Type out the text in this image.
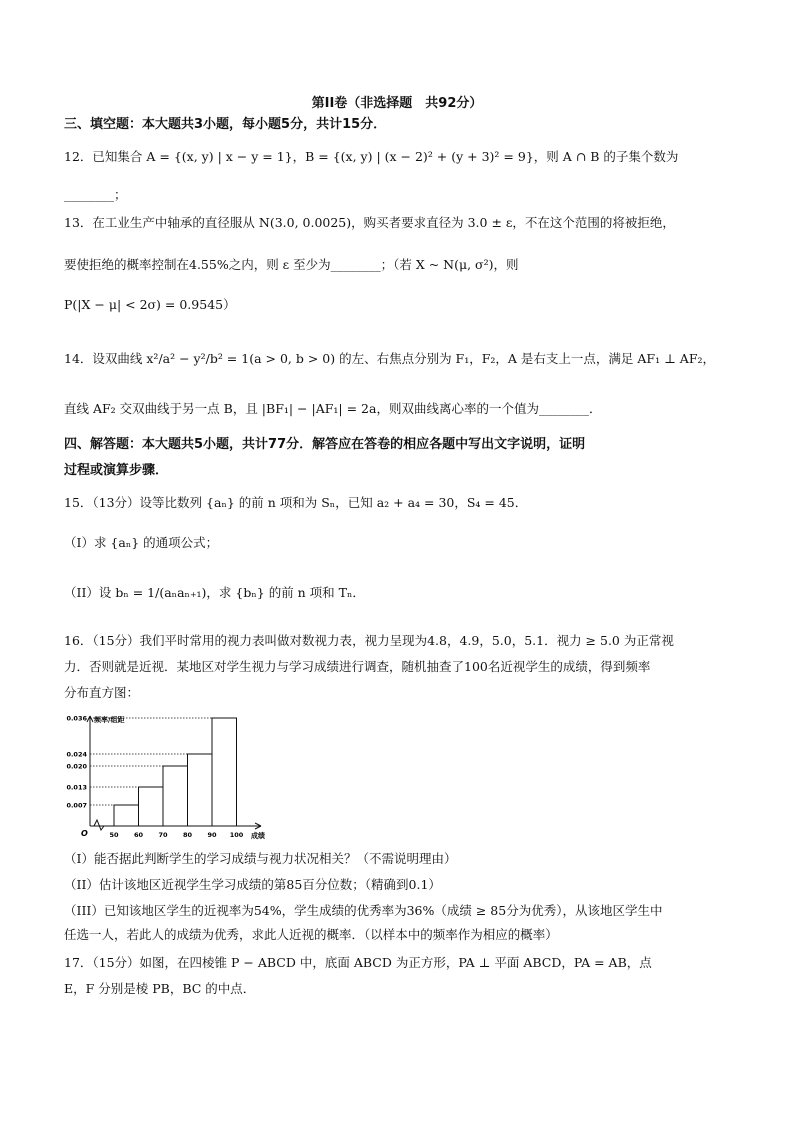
第II卷（非选择题　共92分）
三、填空题：本大题共3小题，每小题5分，共计15分．
12．已知集合 A = {(x, y) | x − y = 1}，B = {(x, y) | (x − 2)² + (y + 3)² = 9}，则 A ∩ B 的子集个数为
________；
13．在工业生产中轴承的直径服从 N(3.0, 0.0025)，购买者要求直径为 3.0 ± ε，不在这个范围的将被拒绝，
要使拒绝的概率控制在4.55%之内，则 ε 至少为________；（若 X ~ N(μ, σ²)，则
P(|X − μ| < 2σ) = 0.9545）
14．设双曲线 x²/a² − y²/b² = 1(a > 0, b > 0) 的左、右焦点分别为 F₁，F₂，A 是右支上一点，满足 AF₁ ⊥ AF₂，
直线 AF₂ 交双曲线于另一点 B，且 |BF₁| − |AF₁| = 2a，则双曲线离心率的一个值为________．
四、解答题：本大题共5小题，共计77分．解答应在答卷的相应各题中写出文字说明，证明
过程或演算步骤．
15．（13分）设等比数列 {aₙ} 的前 n 项和为 Sₙ，已知 a₂ + a₄ = 30，S₄ = 45．
（I）求 {aₙ} 的通项公式；
（II）设 bₙ = 1/(aₙaₙ₊₁)，求 {bₙ} 的前 n 项和 Tₙ．
16．（15分）我们平时常用的视力表叫做对数视力表，视力呈现为4.8，4.9，5.0，5.1．视力 ≥ 5.0 为正常视
力．否则就是近视．某地区对学生视力与学习成绩进行调查，随机抽查了100名近视学生的成绩，得到频率
分布直方图：
频率/组距
成绩
O
0.007
0.013
0.020
0.024
0.036
50 60 70 80 90 100
（I）能否据此判断学生的学习成绩与视力状况相关？（不需说明理由）
（II）估计该地区近视学生学习成绩的第85百分位数；（精确到0.1）
（III）已知该地区学生的近视率为54%，学生成绩的优秀率为36%（成绩 ≥ 85分为优秀），从该地区学生中
任选一人，若此人的成绩为优秀，求此人近视的概率．（以样本中的频率作为相应的概率）
17．（15分）如图，在四棱锥 P − ABCD 中，底面 ABCD 为正方形，PA ⊥ 平面 ABCD，PA = AB，点
E，F 分别是棱 PB，BC 的中点．
